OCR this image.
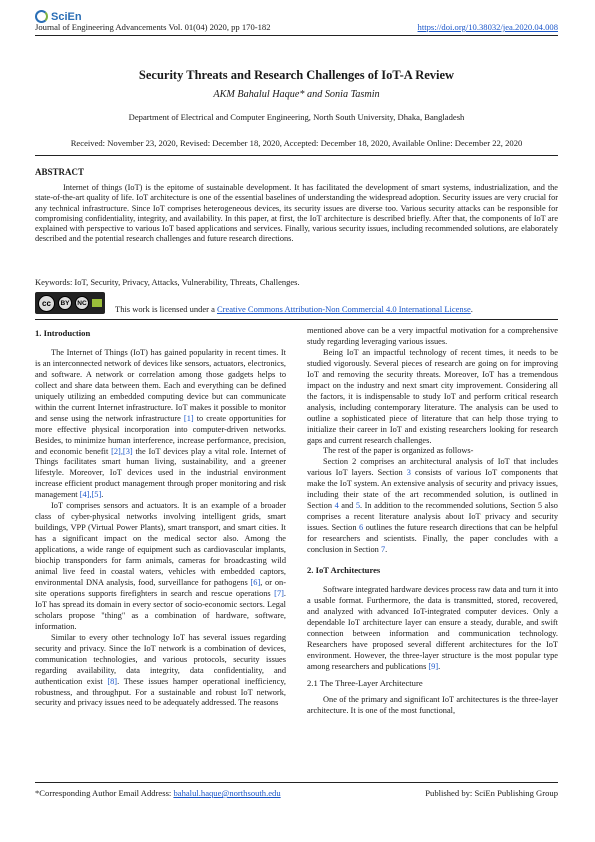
SciEn
Journal of Engineering Advancements Vol. 01(04) 2020, pp 170-182	https://doi.org/10.38032/jea.2020.04.008
Security Threats and Research Challenges of IoT-A Review
AKM Bahalul Haque* and Sonia Tasmin
Department of Electrical and Computer Engineering, North South University, Dhaka, Bangladesh
Received: November 23, 2020, Revised: December 18, 2020, Accepted: December 18, 2020, Available Online: December 22, 2020
ABSTRACT
Internet of things (IoT) is the epitome of sustainable development. It has facilitated the development of smart systems, industrialization, and the state-of-the-art quality of life. IoT architecture is one of the essential baselines of understanding the widespread adoption. Security issues are very crucial for any technical infrastructure. Since IoT comprises heterogeneous devices, its security issues are diverse too. Various security attacks can be responsible for compromising confidentiality, integrity, and availability. In this paper, at first, the IoT architecture is described briefly. After that, the components of IoT are explained with perspective to various IoT based applications and services. Finally, various security issues, including recommended solutions, are elaborately described and the potential research challenges and future research directions.
Keywords: IoT, Security, Privacy, Attacks, Vulnerability, Threats, Challenges.
cc	BY	NC
This work is licensed under a Creative Commons Attribution-Non Commercial 4.0 International License.
1. Introduction

The Internet of Things (IoT) has gained popularity in recent times. It is an interconnected network of devices like sensors, actuators, electronics, and software. A network or correlation among those gadgets helps to collect and share data between them. Each and everything can be defined uniquely utilizing an embedded computing device but can communicate within the current Internet infrastructure. IoT makes it possible to monitor and sense using the network infrastructure [1] to create opportunities for more effective physical incorporation into computer-driven networks. Besides, to minimize human interference, increase performance, precision, and economic benefit [2],[3] the IoT devices play a vital role. Internet of Things facilitates smart human living, sustainability, and a greener lifestyle. Moreover, IoT devices used in the industrial environment increase efficient product management through proper monitoring and risk management [4],[5].

IoT comprises sensors and actuators. It is an example of a broader class of cyber-physical networks involving intelligent grids, smart buildings, VPP (Virtual Power Plants), smart transport, and smart cities. It has a significant impact on the medical sector also. Among the applications, a wide range of equipment such as cardiovascular implants, biochip transponders for farm animals, cameras for broadcasting wild animal live feed in coastal waters, vehicles with embedded captors, environmental DNA analysis, food, surveillance for pathogens [6], or on-site operations supports firefighters in search and rescue operations [7]. IoT has spread its domain in every sector of socio-economic sectors. Legal scholars propose "thing" as a combination of hardware, software, information.

Similar to every other technology IoT has several issues regarding security and privacy. Since the IoT network is a combination of devices, communication technologies, and various protocols, security issues regarding availability, data integrity, data confidentiality, and authentication exist [8]. These issues hamper operational inefficiency, robustness, and throughput. For a sustainable and robust IoT network, security and privacy issues need to be adequately addressed. The reasons

mentioned above can be a very impactful motivation for a comprehensive study regarding leveraging various issues.

Being IoT an impactful technology of recent times, it needs to be studied vigorously. Several pieces of research are going on for improving IoT and removing the security threats. Moreover, IoT has a tremendous impact on the industry and next smart city improvement. Considering all the factors, it is indispensable to study IoT and perform critical research analysis, including contemporary literature. The analysis can be used to outline a sophisticated piece of literature that can help those trying to initialize their career in IoT and existing researchers looking for research gaps and current research challenges.

The rest of the paper is organized as follows-

Section 2 comprises an architectural analysis of IoT that includes various IoT layers. Section 3 consists of various IoT components that make the IoT system. An extensive analysis of security and privacy issues, including their state of the art recommended solution, is outlined in Section 4 and 5. In addition to the recommended solutions, Section 5 also comprises a recent literature analysis about IoT privacy and security issues. Section 6 outlines the future research directions that can be helpful for researchers and scientists. Finally, the paper concludes with a conclusion in Section 7.

2. IoT Architectures

Software integrated hardware devices process raw data and turn it into a usable format. Furthermore, the data is transmitted, stored, recovered, and analyzed with advanced IoT-integrated computer devices. Only a dependable IoT architecture layer can ensure a steady, durable, and swift connection between information and communication technology. Researchers have proposed several different architectures for the IoT environment. However, the three-layer structure is the most popular type among researchers and publications [9].

2.1 The Three-Layer Architecture

One of the primary and significant IoT architectures is the three-layer architecture. It is one of the most functional,

*Corresponding Author Email Address: bahalul.haque@northsouth.edu	Published by: SciEn Publishing Group
